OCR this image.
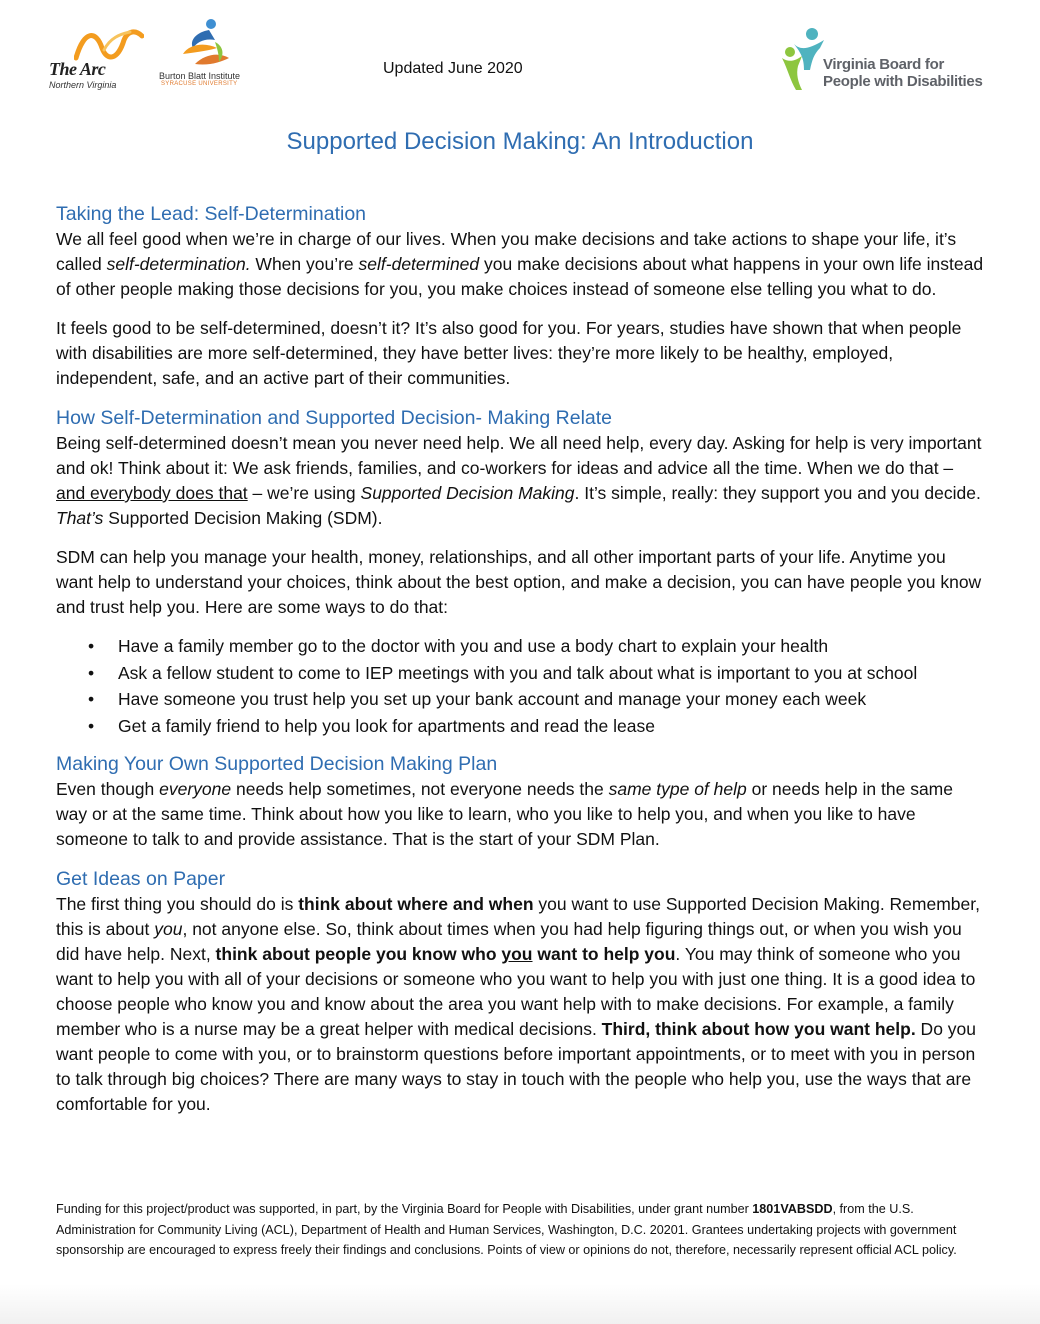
The Arc
Northern Virginia
Burton Blatt Institute
SYRACUSE UNIVERSITY
Updated June 2020	Virginia Board for
People with Disabilities
Supported Decision Making: An Introduction
Taking the Lead: Self-Determination

We all feel good when we’re in charge of our lives. When you make decisions and take actions to shape your life, it’s called self-determination. When you’re self-determined you make decisions about what happens in your own life instead of other people making those decisions for you, you make choices instead of someone else telling you what to do.

It feels good to be self-determined, doesn’t it? It’s also good for you. For years, studies have shown that when people with disabilities are more self-determined, they have better lives: they’re more likely to be healthy, employed, independent, safe, and an active part of their communities.

How Self-Determination and Supported Decision- Making Relate

Being self-determined doesn’t mean you never need help. We all need help, every day. Asking for help is very important and ok! Think about it: We ask friends, families, and co-workers for ideas and advice all the time. When we do that – and everybody does that – we’re using Supported Decision Making. It’s simple, really: they support you and you decide. That’s Supported Decision Making (SDM).

SDM can help you manage your health, money, relationships, and all other important parts of your life. Anytime you want help to understand your choices, think about the best option, and make a decision, you can have people you know and trust help you. Here are some ways to do that:

• Have a family member go to the doctor with you and use a body chart to explain your health
• Ask a fellow student to come to IEP meetings with you and talk about what is important to you at school
• Have someone you trust help you set up your bank account and manage your money each week
• Get a family friend to help you look for apartments and read the lease
Making Your Own Supported Decision Making Plan

Even though everyone needs help sometimes, not everyone needs the same type of help or needs help in the same way or at the same time. Think about how you like to learn, who you like to help you, and when you like to have someone to talk to and provide assistance. That is the start of your SDM Plan.

Get Ideas on Paper

The first thing you should do is think about where and when you want to use Supported Decision Making. Remember, this is about you, not anyone else. So, think about times when you had help figuring things out, or when you wish you did have help. Next, think about people you know who you want to help you. You may think of someone who you want to help you with all of your decisions or someone who you want to help you with just one thing. It is a good idea to choose people who know you and know about the area you want help with to make decisions. For example, a family member who is a nurse may be a great helper with medical decisions. Third, think about how you want help. Do you want people to come with you, or to brainstorm questions before important appointments, or to meet with you in person to talk through big choices? There are many ways to stay in touch with the people who help you, use the ways that are comfortable for you.

Funding for this project/product was supported, in part, by the Virginia Board for People with Disabilities, under grant number 1801VABSDD, from the U.S. Administration for Community Living (ACL), Department of Health and Human Services, Washington, D.C. 20201. Grantees undertaking projects with government sponsorship are encouraged to express freely their findings and conclusions. Points of view or opinions do not, therefore, necessarily represent official ACL policy.
